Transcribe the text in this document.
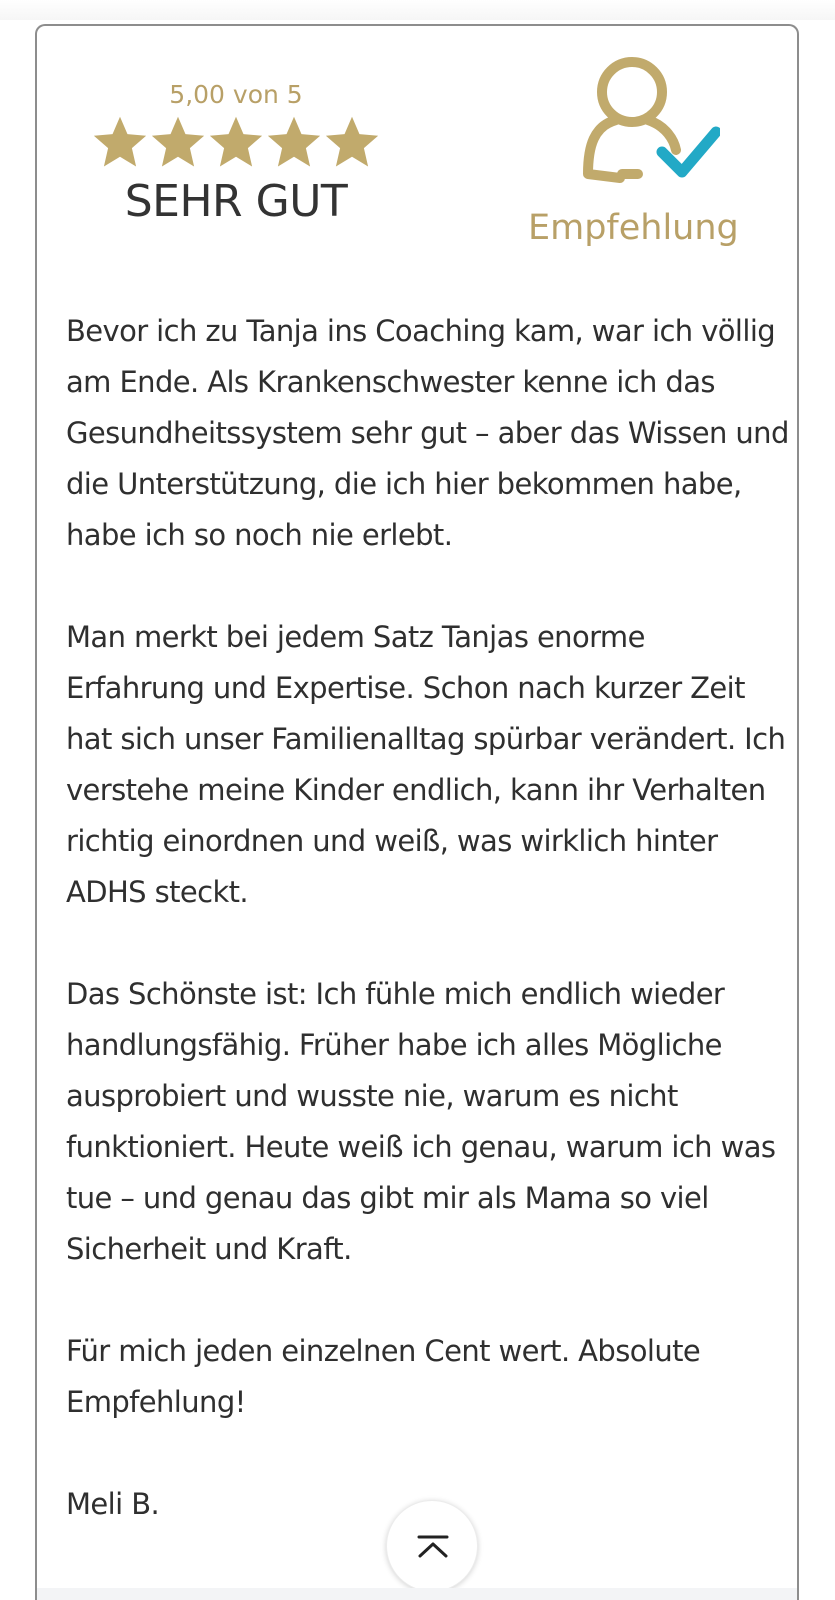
5,00 von 5
SEHR GUT
Empfehlung

Bevor ich zu Tanja ins Coaching kam, war ich völlig am Ende. Als Krankenschwester kenne ich das Gesundheitssystem sehr gut – aber das Wissen und die Unterstützung, die ich hier bekommen habe, habe ich so noch nie erlebt.

Man merkt bei jedem Satz Tanjas enorme Erfahrung und Expertise. Schon nach kurzer Zeit hat sich unser Familienalltag spürbar verändert. Ich verstehe meine Kinder endlich, kann ihr Verhalten richtig einordnen und weiß, was wirklich hinter ADHS steckt.

Das Schönste ist: Ich fühle mich endlich wieder handlungsfähig. Früher habe ich alles Mögliche ausprobiert und wusste nie, warum es nicht funktioniert. Heute weiß ich genau, warum ich was tue – und genau das gibt mir als Mama so viel Sicherheit und Kraft.

Für mich jeden einzelnen Cent wert. Absolute Empfehlung!

Meli B.
